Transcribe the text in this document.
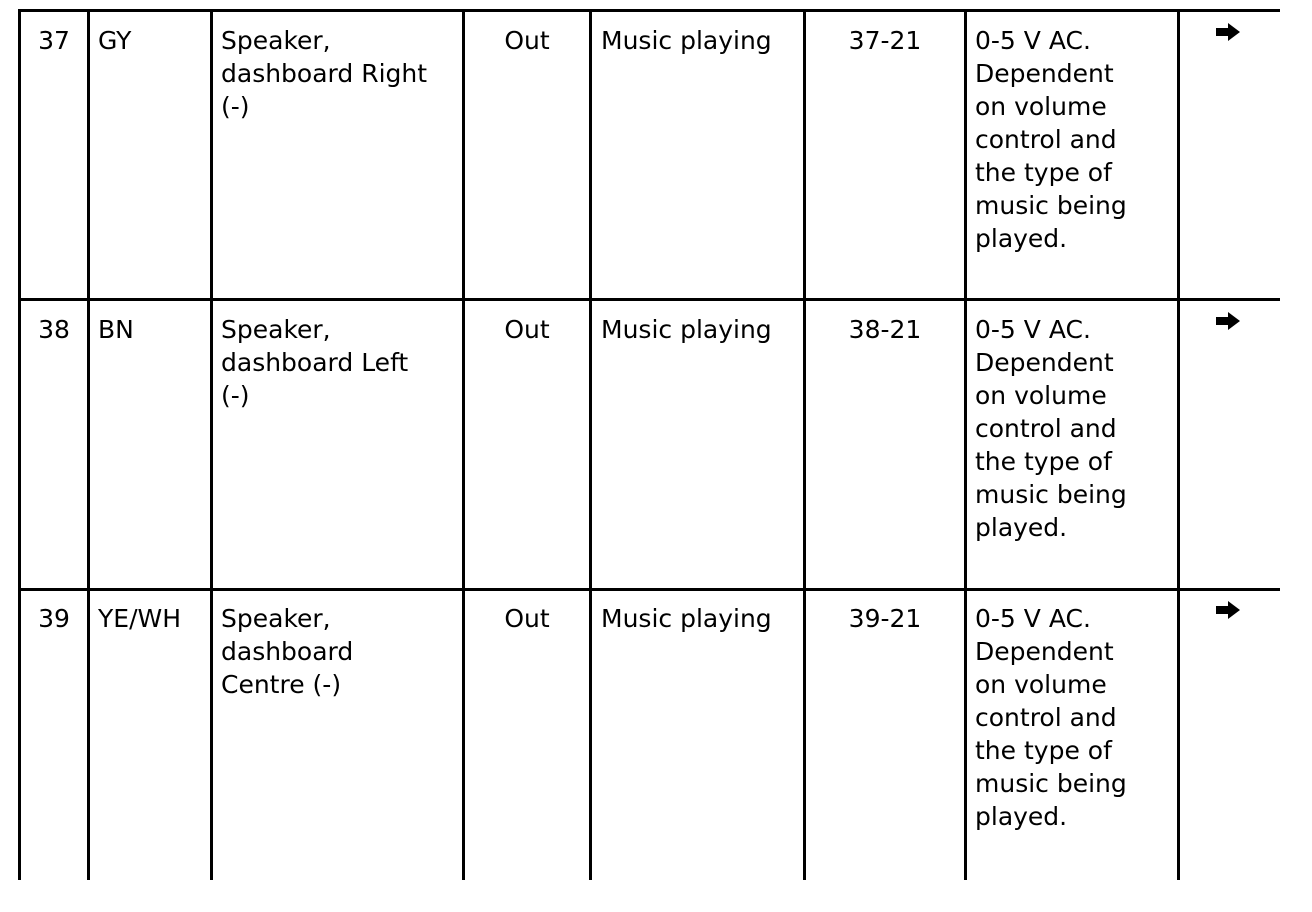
37	GY	Speaker,
dashboard Right
(-)
Out	Music playing	37-21	0-5 V AC.
Dependent
on volume
control and
the type of
music being
played.
38	BN	Speaker,
dashboard Left
(-)
Out	Music playing	38-21	0-5 V AC.
Dependent
on volume
control and
the type of
music being
played.
39	YE/WH	Speaker,
dashboard
Centre (-)
Out	Music playing	39-21	0-5 V AC.
Dependent
on volume
control and
the type of
music being
played.
